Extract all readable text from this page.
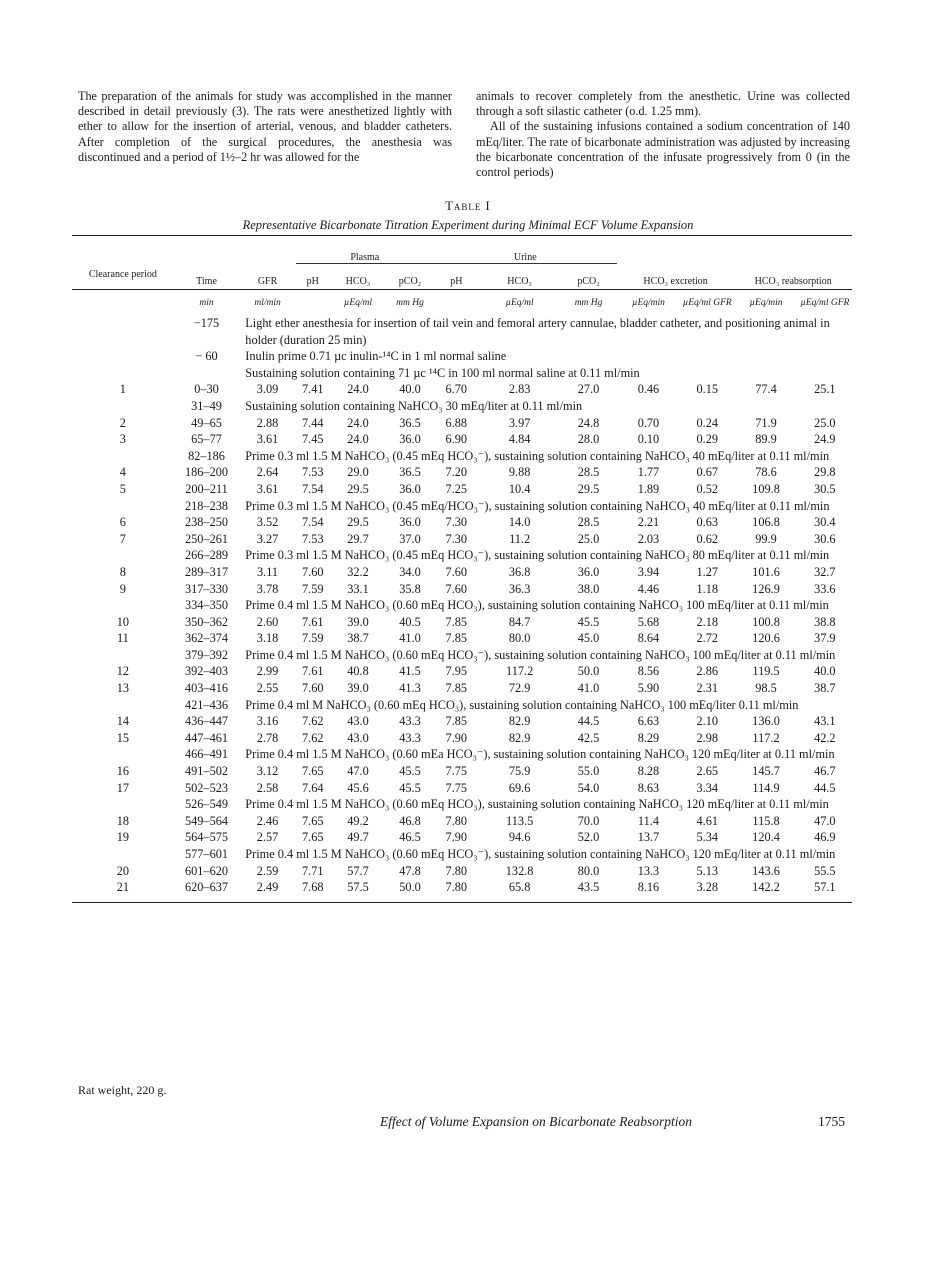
The preparation of the animals for study was accomplished in the manner described in detail previously (3). The rats were anesthetized lightly with ether to allow for the insertion of arterial, venous, and bladder catheters. After completion of the surgical procedures, the anesthesia was discontinued and a period of 1½–2 hr was allowed for the

animals to recover completely from the anesthetic. Urine was collected through a soft silastic catheter (o.d. 1.25 mm).

All of the sustaining infusions contained a sodium concentration of 140 mEq/liter. The rate of bicarbonate administration was adjusted by increasing the bicarbonate concentration of the infusate progressively from 0 (in the control periods)

Table I
Representative Bicarbonate Titration Experiment during Minimal ECF Volume Expansion

			Plasma			Urine						

Clearance period	Time	GFR	pH	HCO₃	pCO₂	pH	HCO₃	pCO₂	HCO₃ excretion		HCO₃ reabsorption	
	min	ml/min		µEq/ml	mm Hg		µEq/ml	mm Hg	µEq/min	µEq/ml GFR	µEq/min	µEq/ml GFR

	−175	Light ether anesthesia for insertion of tail vein and femoral artery cannulae, bladder catheter, and positioning animal in holder (duration 25 min)										
	− 60	Inulin prime 0.71 µc inulin-¹⁴C in 1 ml normal saline										
		Sustaining solution containing 71 µc ¹⁴C in 100 ml normal saline at 0.11 ml/min										
1	0–30	3.09	7.41	24.0	40.0	6.70	2.83	27.0	0.46	0.15	77.4	25.1
	31–49	Sustaining solution containing NaHCO₃ 30 mEq/liter at 0.11 ml/min										
2	49–65	2.88	7.44	24.0	36.5	6.88	3.97	24.8	0.70	0.24	71.9	25.0
3	65–77	3.61	7.45	24.0	36.0	6.90	4.84	28.0	0.10	0.29	89.9	24.9
	82–186	Prime 0.3 ml 1.5 M NaHCO₃ (0.45 mEq HCO₃⁻), sustaining solution containing NaHCO₃ 40 mEq/liter at 0.11 ml/min										
4	186–200	2.64	7.53	29.0	36.5	7.20	9.88	28.5	1.77	0.67	78.6	29.8
5	200–211	3.61	7.54	29.5	36.0	7.25	10.4	29.5	1.89	0.52	109.8	30.5
	218–238	Prime 0.3 ml 1.5 M NaHCO₃ (0.45 mEq/HCO₃⁻), sustaining solution containing NaHCO₃ 40 mEq/liter at 0.11 ml/min										
6	238–250	3.52	7.54	29.5	36.0	7.30	14.0	28.5	2.21	0.63	106.8	30.4
7	250–261	3.27	7.53	29.7	37.0	7.30	11.2	25.0	2.03	0.62	99.9	30.6
	266–289	Prime 0.3 ml 1.5 M NaHCO₃ (0.45 mEq HCO₃⁻), sustaining solution containing NaHCO₃ 80 mEq/liter at 0.11 ml/min										
8	289–317	3.11	7.60	32.2	34.0	7.60	36.8	36.0	3.94	1.27	101.6	32.7
9	317–330	3.78	7.59	33.1	35.8	7.60	36.3	38.0	4.46	1.18	126.9	33.6
	334–350	Prime 0.4 ml 1.5 M NaHCO₃ (0.60 mEq HCO₃), sustaining solution containing NaHCO₃ 100 mEq/liter at 0.11 ml/min										
10	350–362	2.60	7.61	39.0	40.5	7.85	84.7	45.5	5.68	2.18	100.8	38.8
11	362–374	3.18	7.59	38.7	41.0	7.85	80.0	45.0	8.64	2.72	120.6	37.9
	379–392	Prime 0.4 ml 1.5 M NaHCO₃ (0.60 mEq HCO₃⁻), sustaining solution containing NaHCO₃ 100 mEq/liter at 0.11 ml/min										
12	392–403	2.99	7.61	40.8	41.5	7.95	117.2	50.0	8.56	2.86	119.5	40.0
13	403–416	2.55	7.60	39.0	41.3	7.85	72.9	41.0	5.90	2.31	98.5	38.7
	421–436	Prime 0.4 ml M NaHCO₃ (0.60 mEq HCO₃), sustaining solution containing NaHCO₃ 100 mEq/liter 0.11 ml/min										
14	436–447	3.16	7.62	43.0	43.3	7.85	82.9	44.5	6.63	2.10	136.0	43.1
15	447–461	2.78	7.62	43.0	43.3	7.90	82.9	42.5	8.29	2.98	117.2	42.2
	466–491	Prime 0.4 ml 1.5 M NaHCO₃ (0.60 mEa HCO₃⁻), sustaining solution containing NaHCO₃ 120 mEq/liter at 0.11 ml/min										
16	491–502	3.12	7.65	47.0	45.5	7.75	75.9	55.0	8.28	2.65	145.7	46.7
17	502–523	2.58	7.64	45.6	45.5	7.75	69.6	54.0	8.63	3.34	114.9	44.5
	526–549	Prime 0.4 ml 1.5 M NaHCO₃ (0.60 mEq HCO₃), sustaining solution containing NaHCO₃ 120 mEq/liter at 0.11 ml/min										
18	549–564	2.46	7.65	49.2	46.8	7.80	113.5	70.0	11.4	4.61	115.8	47.0
19	564–575	2.57	7.65	49.7	46.5	7.90	94.6	52.0	13.7	5.34	120.4	46.9
	577–601	Prime 0.4 ml 1.5 M NaHCO₃ (0.60 mEq HCO₃⁻), sustaining solution containing NaHCO₃ 120 mEq/liter at 0.11 ml/min										
20	601–620	2.59	7.71	57.7	47.8	7.80	132.8	80.0	13.3	5.13	143.6	55.5
21	620–637	2.49	7.68	57.5	50.0	7.80	65.8	43.5	8.16	3.28	142.2	57.1
Rat weight, 220 g.
Effect of Volume Expansion on Bicarbonate Reabsorption	1755
